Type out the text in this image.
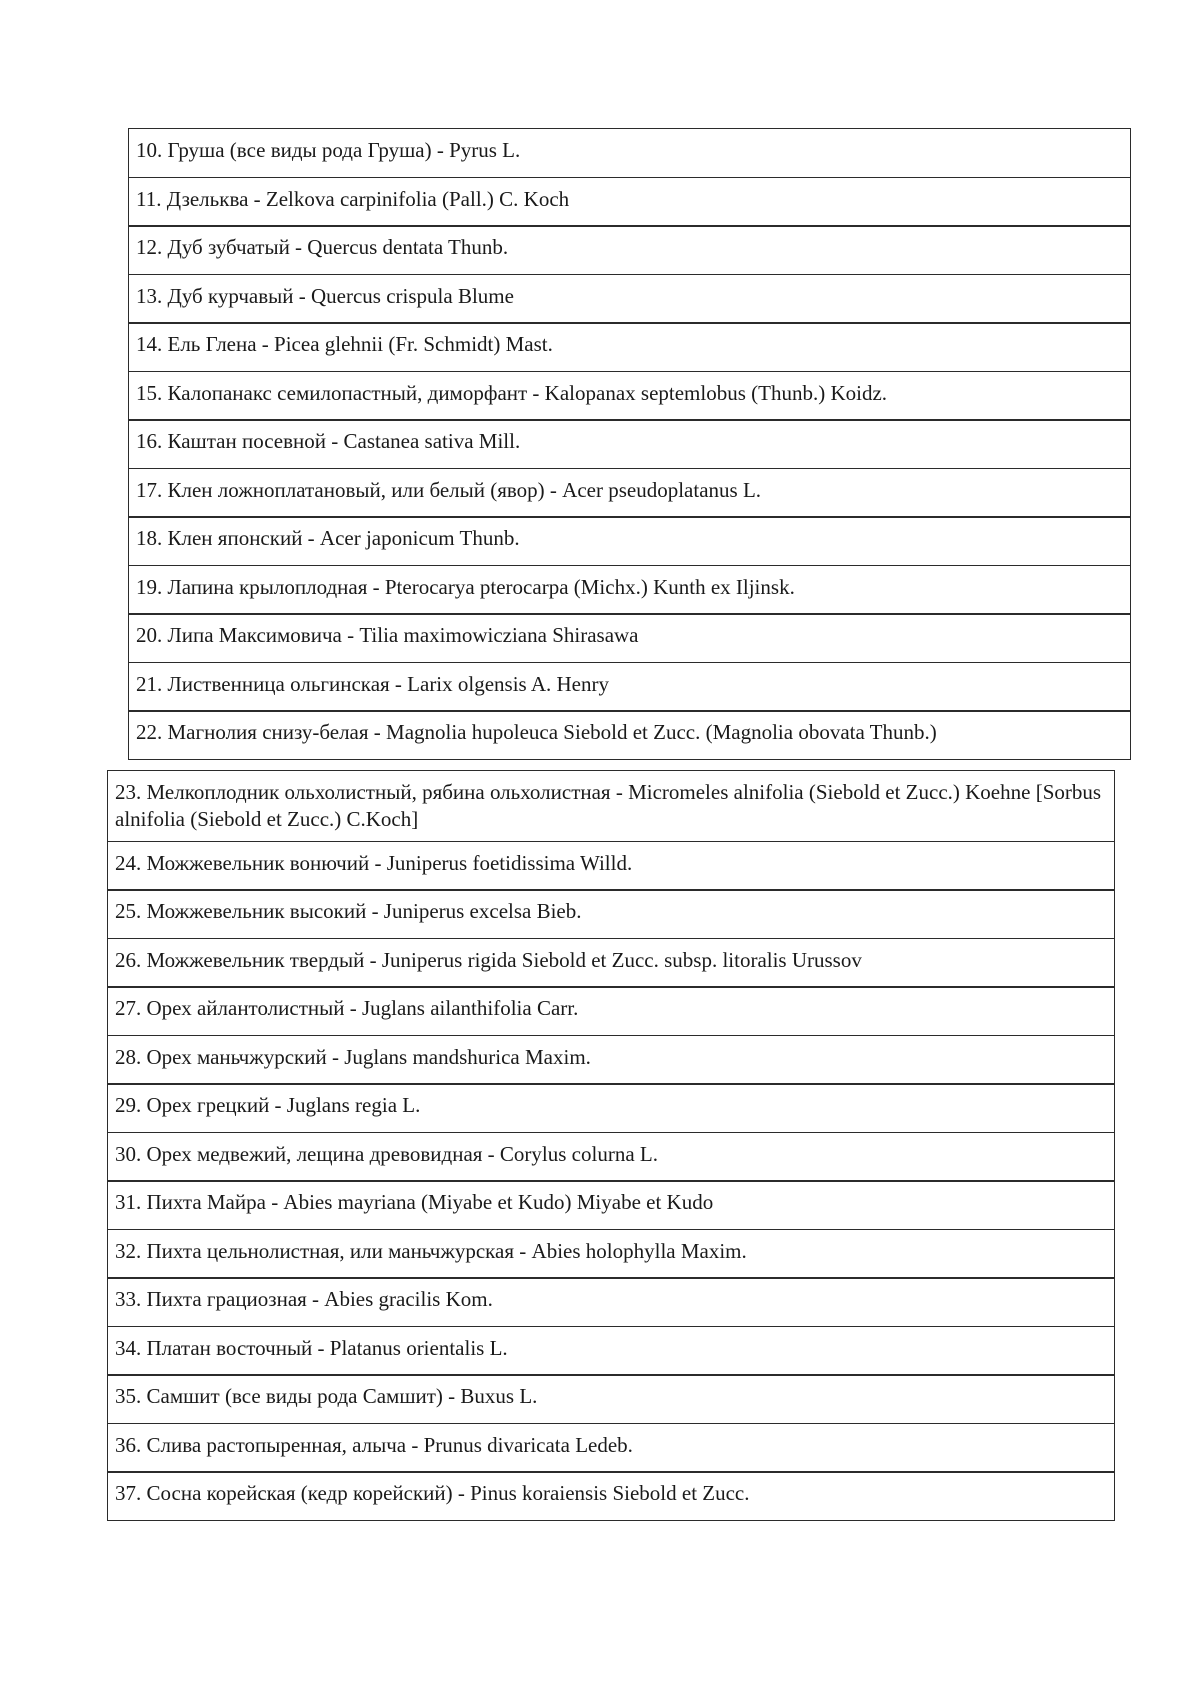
10. Груша (все виды рода Груша) - Pyrus L.
11. Дзельква - Zelkova carpinifolia (Pall.) C. Koch
12. Дуб зубчатый - Quercus dentata Thunb.
13. Дуб курчавый - Quercus crispula Blume
14. Ель Глена - Picea glehnii (Fr. Schmidt) Mast.
15. Калопанакс семилопастный, диморфант - Kalopanax septemlobus (Thunb.) Koidz.
16. Каштан посевной - Castanea sativa Mill.
17. Клен ложноплатановый, или белый (явор) - Acer pseudoplatanus L.
18. Клен японский - Acer japonicum Thunb.
19. Лапина крылоплодная - Pterocarya pterocarpa (Michx.) Kunth ex Iljinsk.
20. Липа Максимовича - Tilia maximowicziana Shirasawa
21. Лиственница ольгинская - Larix olgensis A. Henry
22. Магнолия снизу-белая - Magnolia hupoleuca Siebold et Zucc. (Magnolia obovata Thunb.)
23. Мелкоплодник ольхолистный, рябина ольхолистная - Micromeles alnifolia (Siebold et Zucc.) Koehne [Sorbus alnifolia (Siebold et Zucc.) C.Koch]
24. Можжевельник вонючий - Juniperus foetidissima Willd.
25. Можжевельник высокий - Juniperus excelsa Bieb.
26. Можжевельник твердый - Juniperus rigida Siebold et Zucc. subsp. litoralis Urussov
27. Орех айлантолистный - Juglans ailanthifolia Carr.
28. Орех маньчжурский - Juglans mandshurica Maxim.
29. Орех грецкий - Juglans regia L.
30. Орех медвежий, лещина древовидная - Corylus colurna L.
31. Пихта Майра - Abies mayriana (Miyabe et Kudo) Miyabe et Kudo
32. Пихта цельнолистная, или маньчжурская - Abies holophylla Maxim.
33. Пихта грациозная - Abies gracilis Kom.
34. Платан восточный - Platanus orientalis L.
35. Самшит (все виды рода Самшит) - Buxus L.
36. Слива растопыренная, алыча - Prunus divaricata Ledeb.
37. Сосна корейская (кедр корейский) - Pinus koraiensis Siebold et Zucc.
